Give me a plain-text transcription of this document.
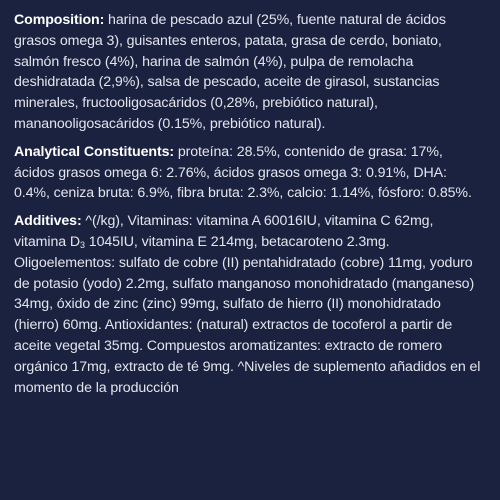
Composition: harina de pescado azul (25%, fuente natural de ácidos grasos omega 3), guisantes enteros, patata, grasa de cerdo, boniato, salmón fresco (4%), harina de salmón (4%), pulpa de remolacha deshidratada (2,9%), salsa de pescado, aceite de girasol, sustancias minerales, fructooligosacáridos (0,28%, prebiótico natural), mananooligosacáridos (0.15%, prebiótico natural).

Analytical Constituents: proteína: 28.5%, contenido de grasa: 17%, ácidos grasos omega 6: 2.76%, ácidos grasos omega 3: 0.91%, DHA: 0.4%, ceniza bruta: 6.9%, fibra bruta: 2.3%, calcio: 1.14%, fósforo: 0.85%.

Additives: ^(/kg), Vitaminas: vitamina A 60016IU, vitamina C 62mg, vitamina $D_3$ 1045IU, vitamina E 214mg, betacaroteno 2.3mg. Oligoelementos: sulfato de cobre (II) pentahidratado (cobre) 11mg, yoduro de potasio (yodo) 2.2mg, sulfato manganoso monohidratado (manganeso) 34mg, óxido de zinc (zinc) 99mg, sulfato de hierro (II) monohidratado (hierro) 60mg. Antioxidantes: (natural) extractos de tocoferol a partir de aceite vegetal 35mg. Compuestos aromatizantes: extracto de romero orgánico 17mg, extracto de té 9mg. ^Niveles de suplemento añadidos en el momento de la producción
